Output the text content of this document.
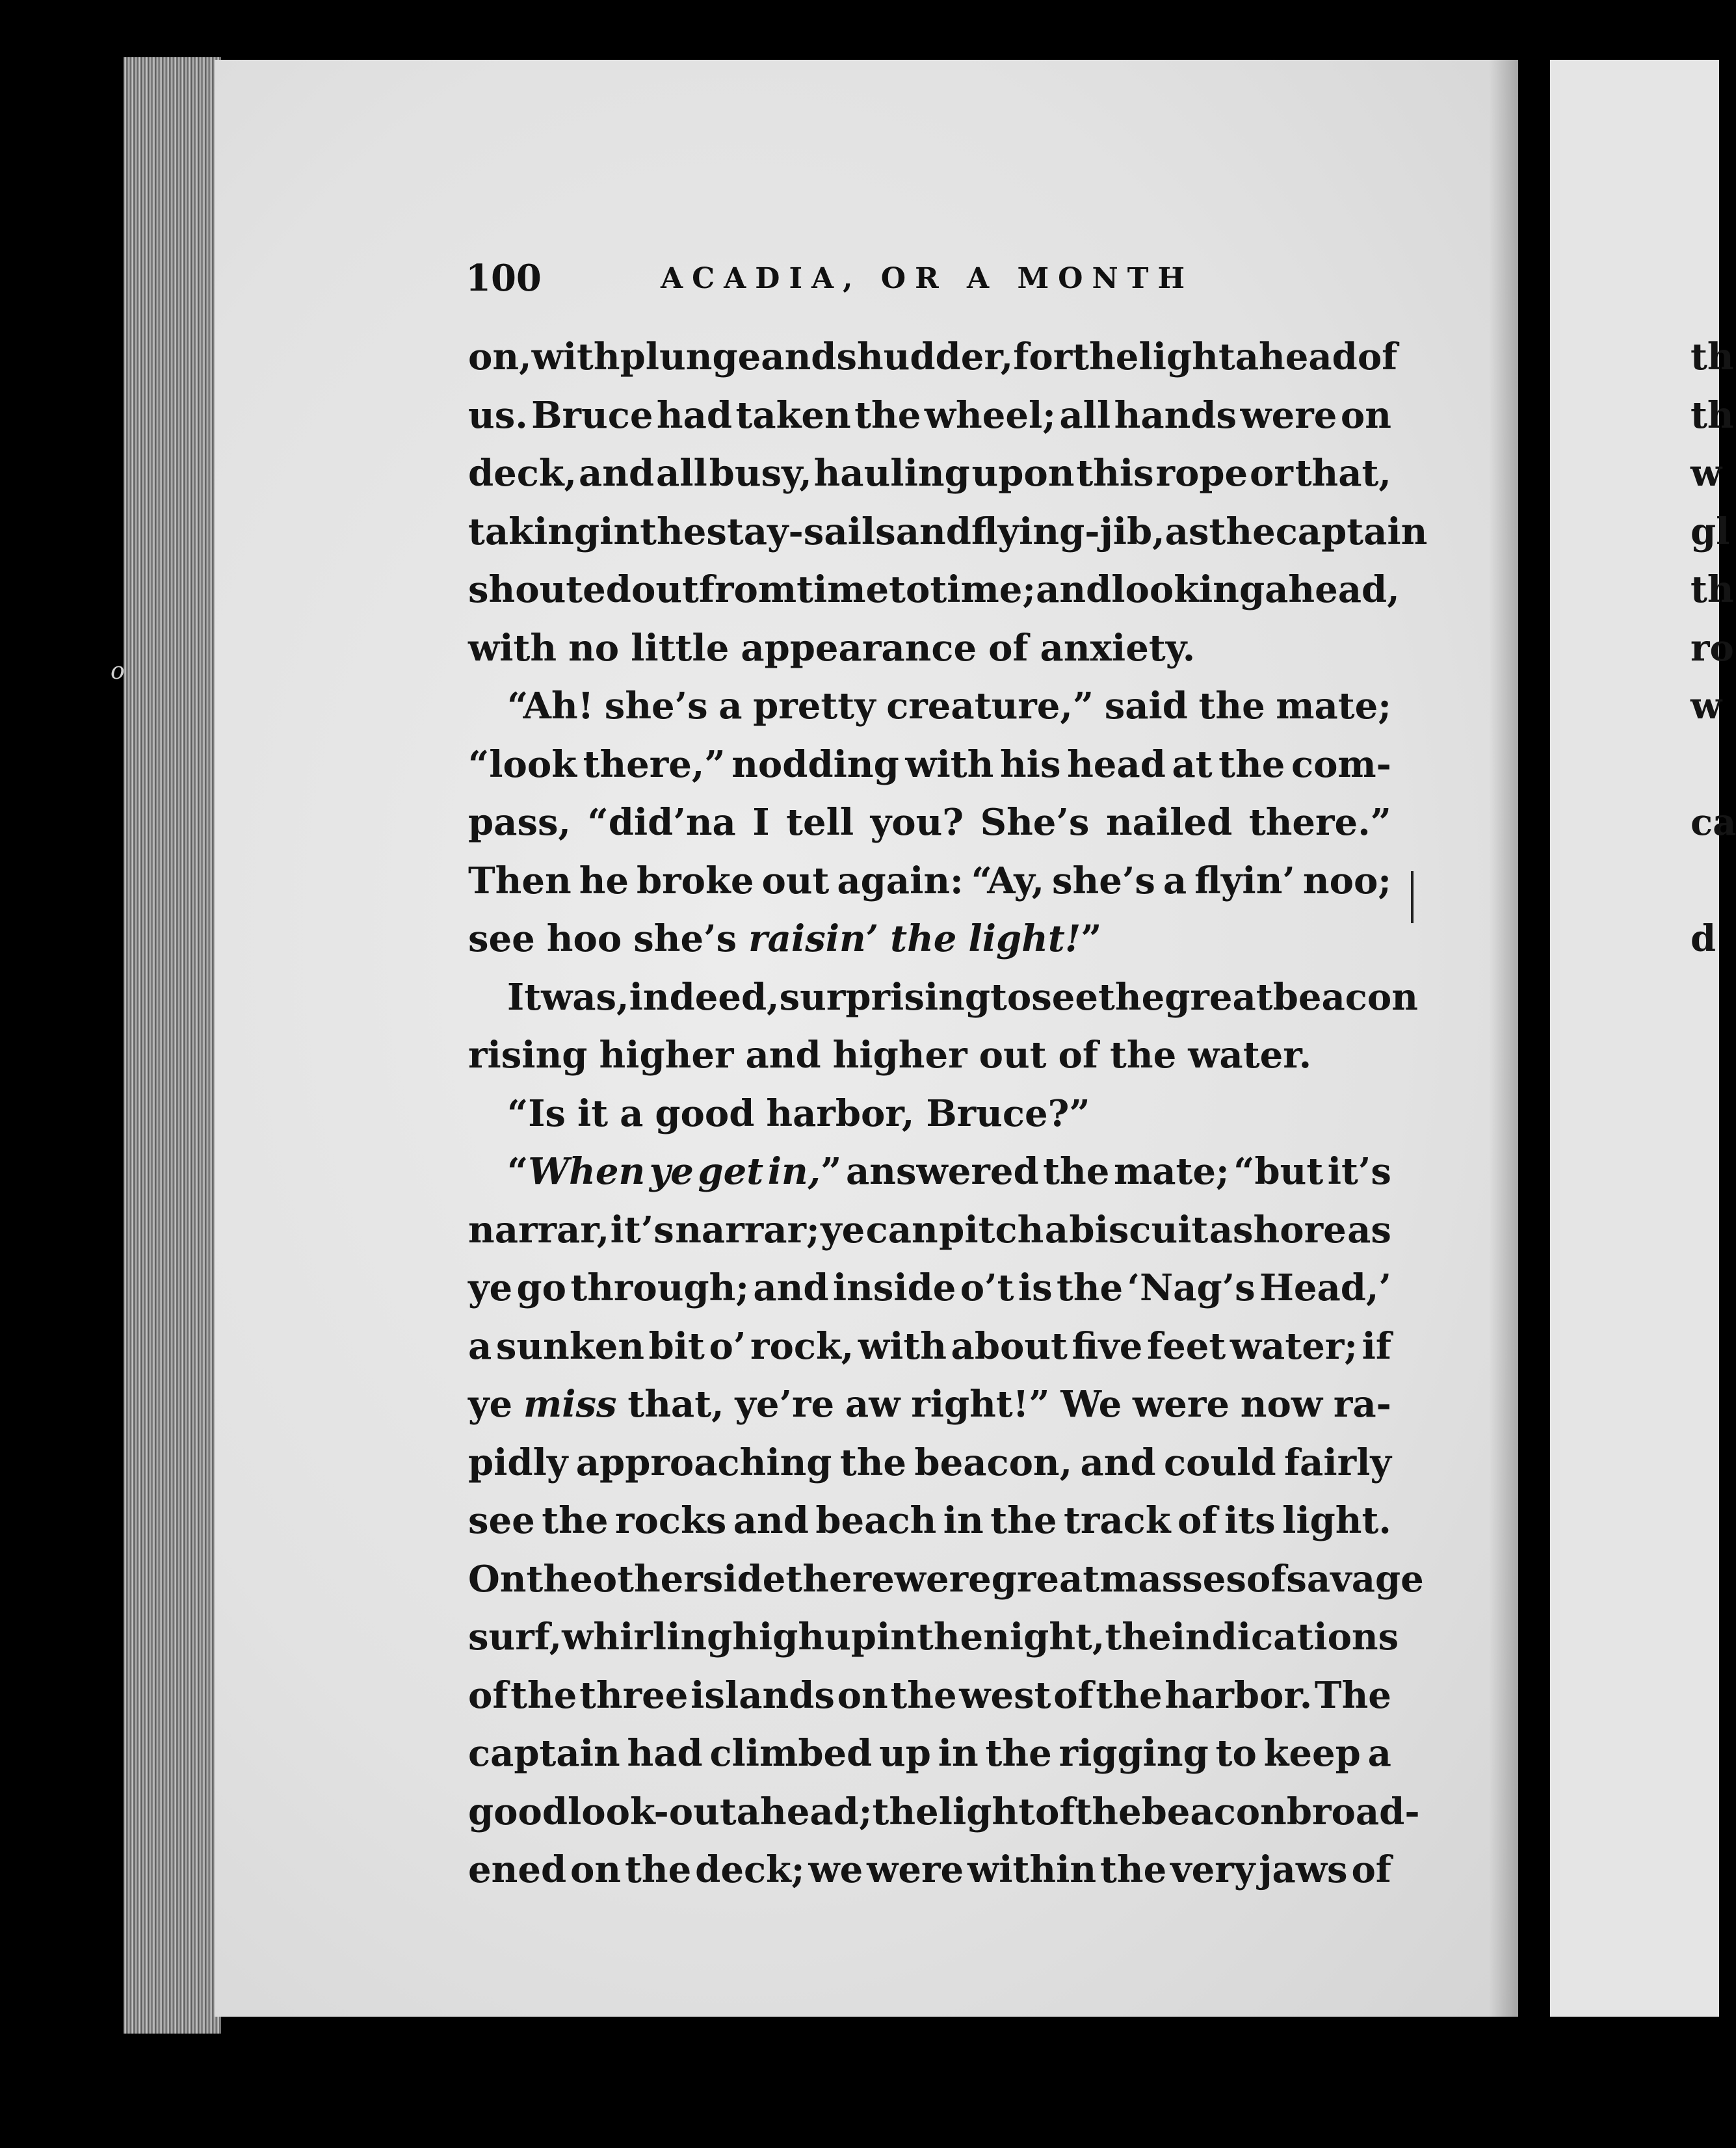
o
100	ACADIA, OR A MONTH
on, with plunge and shudder, for the light ahead of
us. Bruce had taken the wheel; all hands were on
deck, and all busy, hauling upon this rope or that,
taking in the stay-sails and flying-jib, as the captain
shouted out from time to time; and looking ahead,
with no little appearance of anxiety.
“Ah! she’s a pretty creature,” said the mate;
“look there,” nodding with his head at the com-
pass, “did’na I tell you? She’s nailed there.”
Then he broke out again: “Ay, she’s a flyin’ noo;
see hoo she’s raisin’ the light!”
It was, indeed, surprising to see the great beacon
rising higher and higher out of the water.
“Is it a good harbor, Bruce?”
“When ye get in,” answered the mate; “but it’s
narrar, it’s narrar; ye can pitch a biscuit ashore as
ye go through; and inside o’t is the ‘Nag’s Head,’
a sunken bit o’ rock, with about five feet water; if
ye miss that, ye’re aw right!” We were now ra-
pidly approaching the beacon, and could fairly
see the rocks and beach in the track of its light.
On the other side there were great masses of savage
surf, whirling high up in the night, the indications
of the three islands on the west of the harbor. The
captain had climbed up in the rigging to keep a
good look-out ahead; the light of the beacon broad-
ened on the deck; we were within the very jaws of
th
th
w
gl
th
ro
w
ca
d
